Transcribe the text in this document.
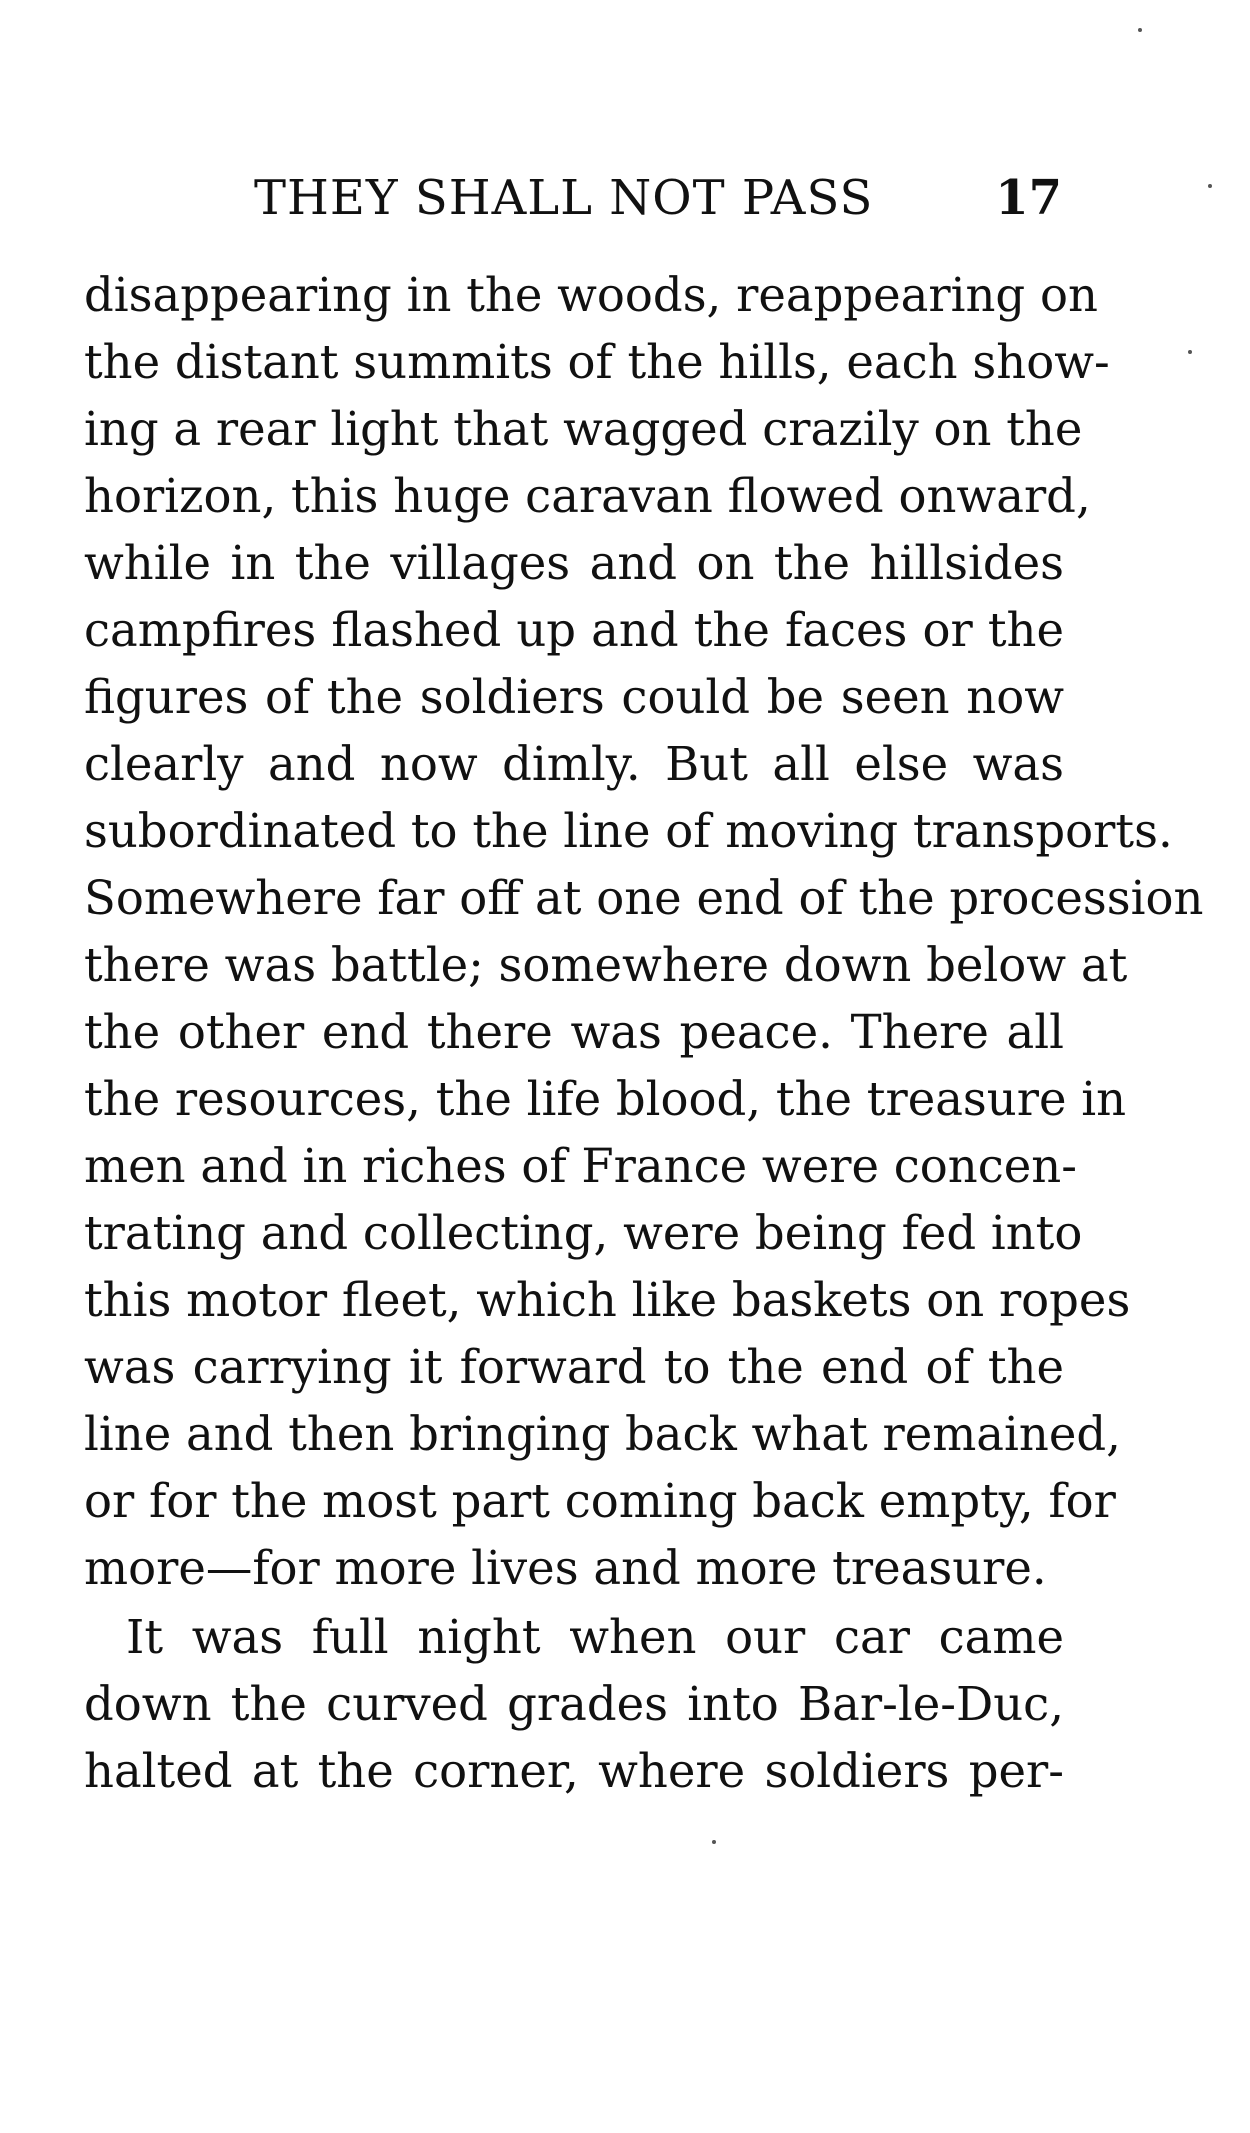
THEY SHALL NOT PASS	17
disappearing in the woods, reappearing on
the distant summits of the hills, each show-
ing a rear light that wagged crazily on the
horizon, this huge caravan flowed onward,
while in the villages and on the hillsides
campfires flashed up and the faces or the
figures of the soldiers could be seen now
clearly and now dimly. But all else was
subordinated to the line of moving transports.
Somewhere far off at one end of the procession
there was battle; somewhere down below at
the other end there was peace. There all
the resources, the life blood, the treasure in
men and in riches of France were concen-
trating and collecting, were being fed into
this motor fleet, which like baskets on ropes
was carrying it forward to the end of the
line and then bringing back what remained,
or for the most part coming back empty, for
more—for more lives and more treasure.
It was full night when our car came
down the curved grades into Bar-le-Duc,
halted at the corner, where soldiers per-
